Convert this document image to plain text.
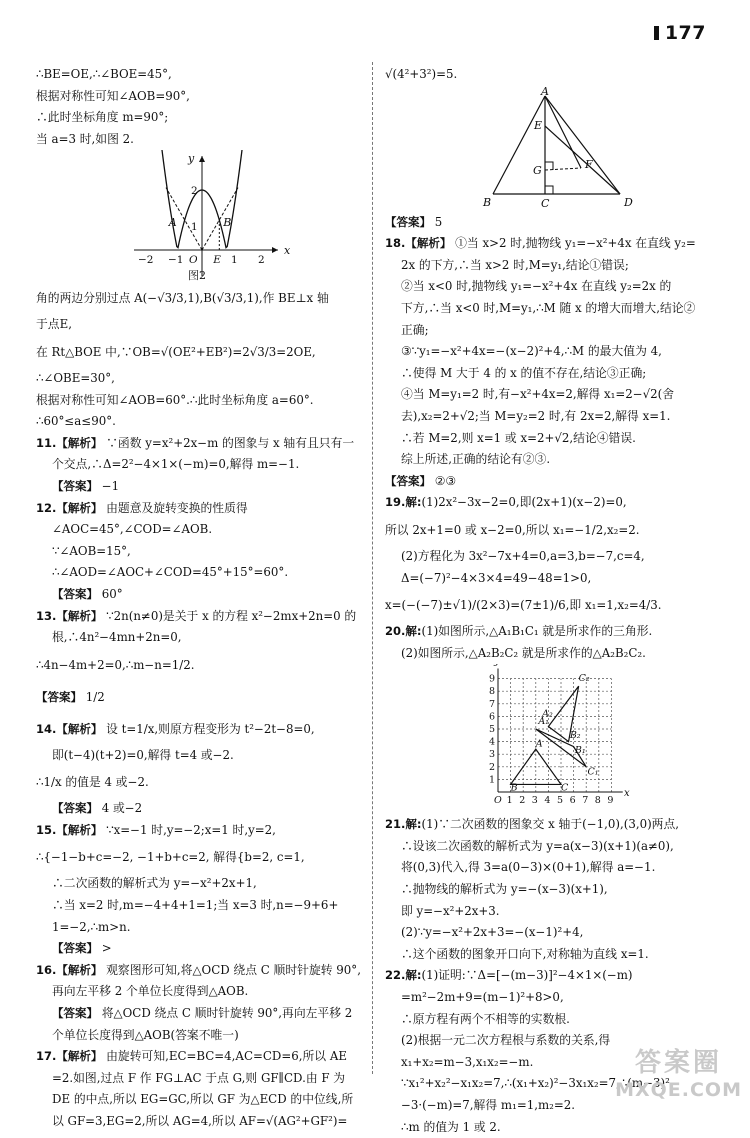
177
∴BE=OE,∴∠BOE=45°,
根据对称性可知∠AOB=90°,
∴此时坐标角度 m=90°;
当 a=3 时,如图 2.
−2 −1 O E 1 2
2
1
A	B
x
y
图2
角的两边分别过点 A(−√3/3,1),B(√3/3,1),作 BE⊥x 轴
于点E,
在 Rt△BOE 中,∵OB=√(OE²+EB²)=2√3/3=2OE,
∴∠OBE=30°,
根据对称性可知∠AOB=60°.∴此时坐标角度 a=60°.
∴60°≤a≤90°.
11.【解析】 ∵函数 y=x²+2x−m 的图象与 x 轴有且只有一
个交点,∴Δ=2²−4×1×(−m)=0,解得 m=−1.
【答案】 −1
12.【解析】 由题意及旋转变换的性质得
∠AOC=45°,∠COD=∠AOB.
∵∠AOB=15°,
∴∠AOD=∠AOC+∠COD=45°+15°=60°.
【答案】 60°
13.【解析】 ∵2n(n≠0)是关于 x 的方程 x²−2mx+2n=0 的
根,∴4n²−4mn+2n=0,
∴4n−4m+2=0,∴m−n=1/2.
【答案】 1/2
14.【解析】 设 t=1/x,则原方程变形为 t²−2t−8=0,
即(t−4)(t+2)=0,解得 t=4 或−2.
∴1/x 的值是 4 或−2.
【答案】 4 或−2
15.【解析】 ∵x=−1 时,y=−2;x=1 时,y=2,
∴{−1−b+c=−2, −1+b+c=2, 解得{b=2, c=1,
∴二次函数的解析式为 y=−x²+2x+1,
∴当 x=2 时,m=−4+4+1=1;当 x=3 时,n=−9+6+
1=−2,∴m>n.
【答案】 >
16.【解析】 观察图形可知,将△OCD 绕点 C 顺时针旋转 90°,
再向左平移 2 个单位长度得到△AOB.
【答案】 将△OCD 绕点 C 顺时针旋转 90°,再向左平移 2
个单位长度得到△AOB(答案不唯一)
17.【解析】 由旋转可知,EC=BC=4,AC=CD=6,所以 AE
=2.如图,过点 F 作 FG⊥AC 于点 G,则 GF∥CD.由 F 为
DE 的中点,所以 EG=GC,所以 GF 为△ECD 的中位线,所
以 GF=3,EG=2,所以 AG=4,所以 AF=√(AG²+GF²)=
√(4²+3²)=5.
A
E
F
G
B	C	D
【答案】 5
18.【解析】 ①当 x>2 时,抛物线 y₁=−x²+4x 在直线 y₂=
2x 的下方,∴当 x>2 时,M=y₁,结论①错误;
②当 x<0 时,抛物线 y₁=−x²+4x 在直线 y₂=2x 的
下方,∴当 x<0 时,M=y₁,∴M 随 x 的增大而增大,结论②
正确;
③∵y₁=−x²+4x=−(x−2)²+4,∴M 的最大值为 4,
∴使得 M 大于 4 的 x 的值不存在,结论③正确;
④当 M=y₁=2 时,有−x²+4x=2,解得 x₁=2−√2(舍
去),x₂=2+√2;当 M=y₂=2 时,有 2x=2,解得 x=1.
∴若 M=2,则 x=1 或 x=2+√2,结论④错误.
综上所述,正确的结论有②③.
【答案】 ②③
19.解:(1)2x²−3x−2=0,即(2x+1)(x−2)=0,
所以 2x+1=0 或 x−2=0,所以 x₁=−1/2,x₂=2.
(2)方程化为 3x²−7x+4=0,a=3,b=−7,c=4,
Δ=(−7)²−4×3×4=49−48=1>0,
x=(−(−7)±√1)/(2×3)=(7±1)/6,即 x₁=1,x₂=4/3.
20.解:(1)如图所示,△A₁B₁C₁ 就是所求作的三角形.
(2)如图所示,△A₂B₂C₂ 就是所求作的△A₂B₂C₂.
O 1 2 3 4 5 6 7 8 9
1
2
3
4
5
6
7
8
9
x
A
B	C
A₁
B₁
C₁
A₂
B₂
C₂
21.解:(1)∵二次函数的图象交 x 轴于(−1,0),(3,0)两点,
∴设该二次函数的解析式为 y=a(x−3)(x+1)(a≠0),
将(0,3)代入,得 3=a(0−3)×(0+1),解得 a=−1.
∴抛物线的解析式为 y=−(x−3)(x+1),
即 y=−x²+2x+3.
(2)∵y=−x²+2x+3=−(x−1)²+4,
∴这个函数的图象开口向下,对称轴为直线 x=1.
22.解:(1)证明:∵Δ=[−(m−3)]²−4×1×(−m)
=m²−2m+9=(m−1)²+8>0,
∴原方程有两个不相等的实数根.
(2)根据一元二次方程根与系数的关系,得
x₁+x₂=m−3,x₁x₂=−m.
∵x₁²+x₂²−x₁x₂=7,∴(x₁+x₂)²−3x₁x₂=7,∴(m−3)²
−3·(−m)=7,解得 m₁=1,m₂=2.
∴m 的值为 1 或 2.
答案圈
MXQE.COM
